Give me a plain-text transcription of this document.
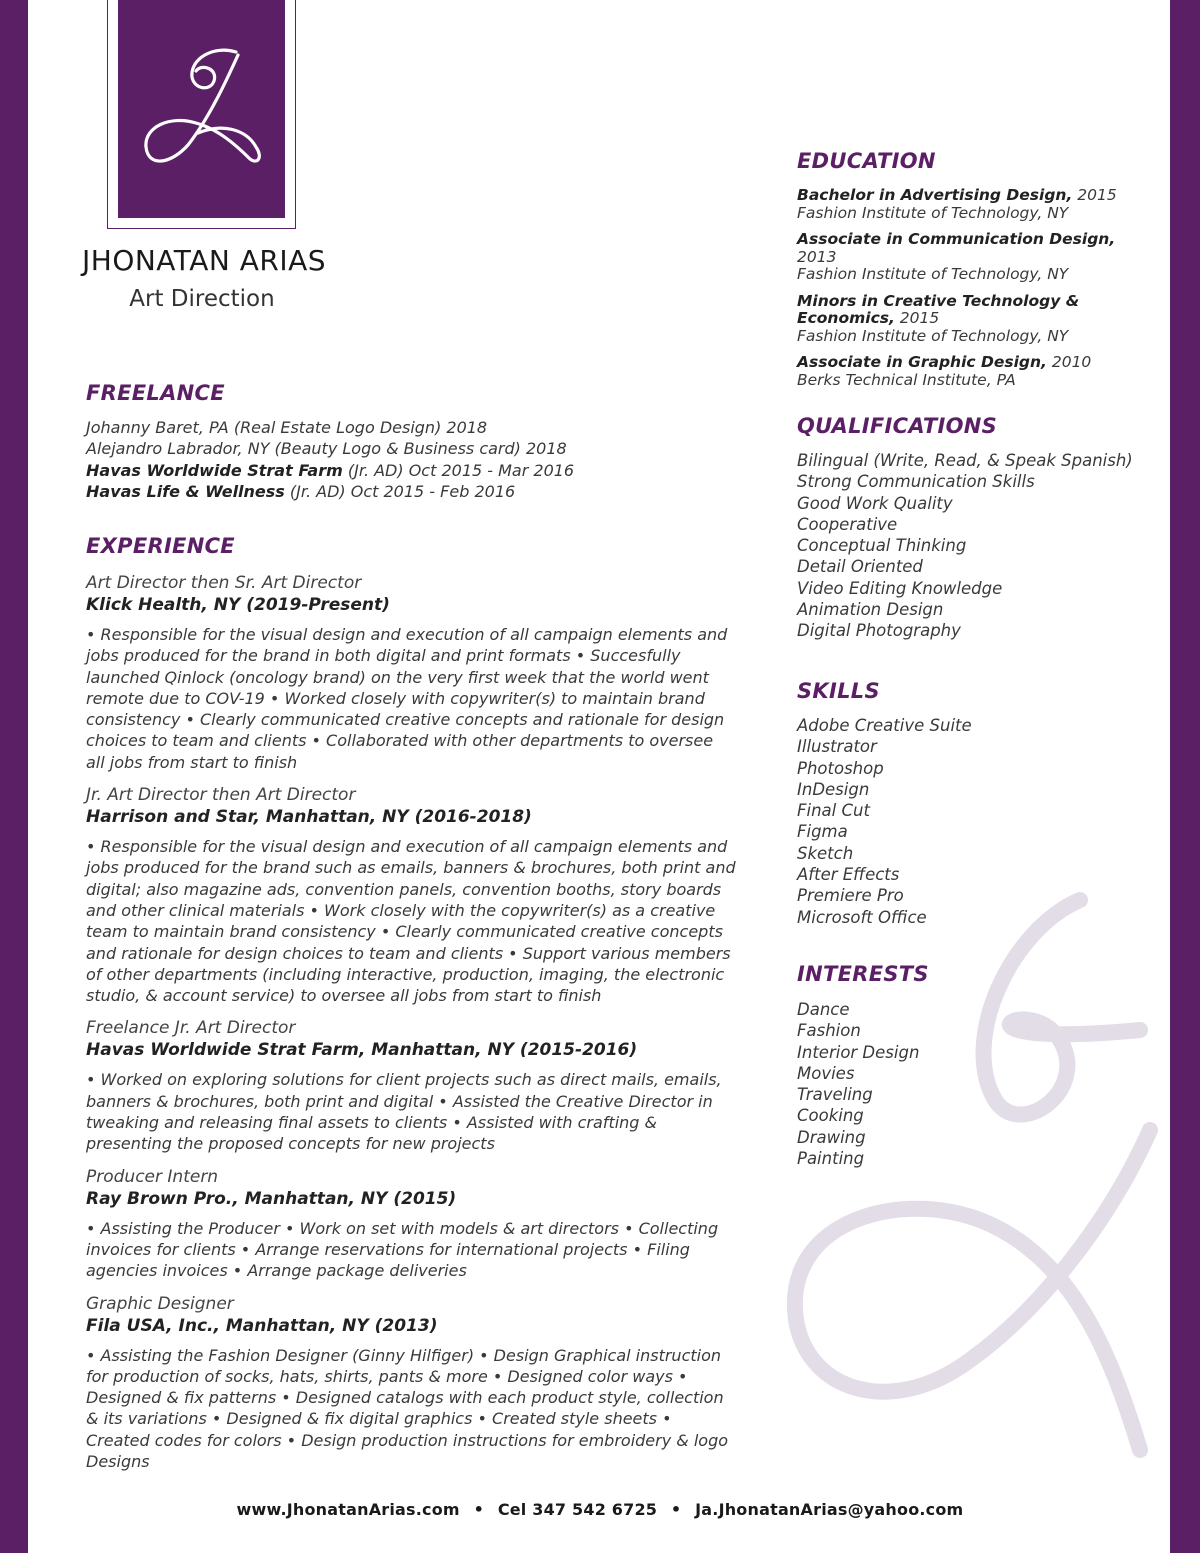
JHONATAN ARIAS
Art Direction
FREELANCE
Johanny Baret, PA (Real Estate Logo Design) 2018
Alejandro Labrador, NY (Beauty Logo & Business card) 2018
Havas Worldwide Strat Farm (Jr. AD) Oct 2015 - Mar 2016
Havas Life & Wellness (Jr. AD) Oct 2015 - Feb 2016
EXPERIENCE
Art Director then Sr. Art Director
Klick Health, NY (2019-Present)
• Responsible for the visual design and execution of all campaign elements and jobs produced for the brand in both digital and print formats • Succesfully launched Qinlock (oncology brand) on the very first week that the world went remote due to COV-19 • Worked closely with copywriter(s) to maintain brand consistency • Clearly communicated creative concepts and rationale for design choices to team and clients • Collaborated with other departments to oversee all jobs from start to finish
Jr. Art Director then Art Director
Harrison and Star, Manhattan, NY (2016-2018)
• Responsible for the visual design and execution of all campaign elements and jobs produced for the brand such as emails, banners & brochures, both print and digital; also magazine ads, convention panels, convention booths, story boards and other clinical materials • Work closely with the copywriter(s) as a creative team to maintain brand consistency • Clearly communicated creative concepts and rationale for design choices to team and clients • Support various members of other departments (including interactive, production, imaging, the electronic studio, & account service) to oversee all jobs from start to finish
Freelance Jr. Art Director
Havas Worldwide Strat Farm, Manhattan, NY (2015-2016)
• Worked on exploring solutions for client projects such as direct mails, emails, banners & brochures, both print and digital • Assisted the Creative Director in tweaking and releasing final assets to clients • Assisted with crafting & presenting the proposed concepts for new projects
Producer Intern
Ray Brown Pro., Manhattan, NY (2015)
• Assisting the Producer • Work on set with models & art directors • Collecting invoices for clients • Arrange reservations for international projects • Filing agencies invoices • Arrange package deliveries
Graphic Designer
Fila USA, Inc., Manhattan, NY (2013)
• Assisting the Fashion Designer (Ginny Hilfiger) • Design Graphical instruction for production of socks, hats, shirts, pants & more • Designed color ways • Designed & fix patterns • Designed catalogs with each product style, collection & its variations • Designed & fix digital graphics • Created style sheets • Created codes for colors • Design production instructions for embroidery & logo Designs
EDUCATION
Bachelor in Advertising Design, 2015
Fashion Institute of Technology, NY
Associate in Communication Design, 2013
Fashion Institute of Technology, NY
Minors in Creative Technology & Economics, 2015
Fashion Institute of Technology, NY
Associate in Graphic Design, 2010
Berks Technical Institute, PA
QUALIFICATIONS
Bilingual (Write, Read, & Speak Spanish)
Strong Communication Skills
Good Work Quality
Cooperative
Conceptual Thinking
Detail Oriented
Video Editing Knowledge
Animation Design
Digital Photography
SKILLS
Adobe Creative Suite
Illustrator
Photoshop
InDesign
Final Cut
Figma
Sketch
After Effects
Premiere Pro
Microsoft Office
INTERESTS
Dance
Fashion
Interior Design
Movies
Traveling
Cooking
Drawing
Painting
www.JhonatanArias.com • Cel 347 542 6725 • Ja.JhonatanArias@yahoo.com
